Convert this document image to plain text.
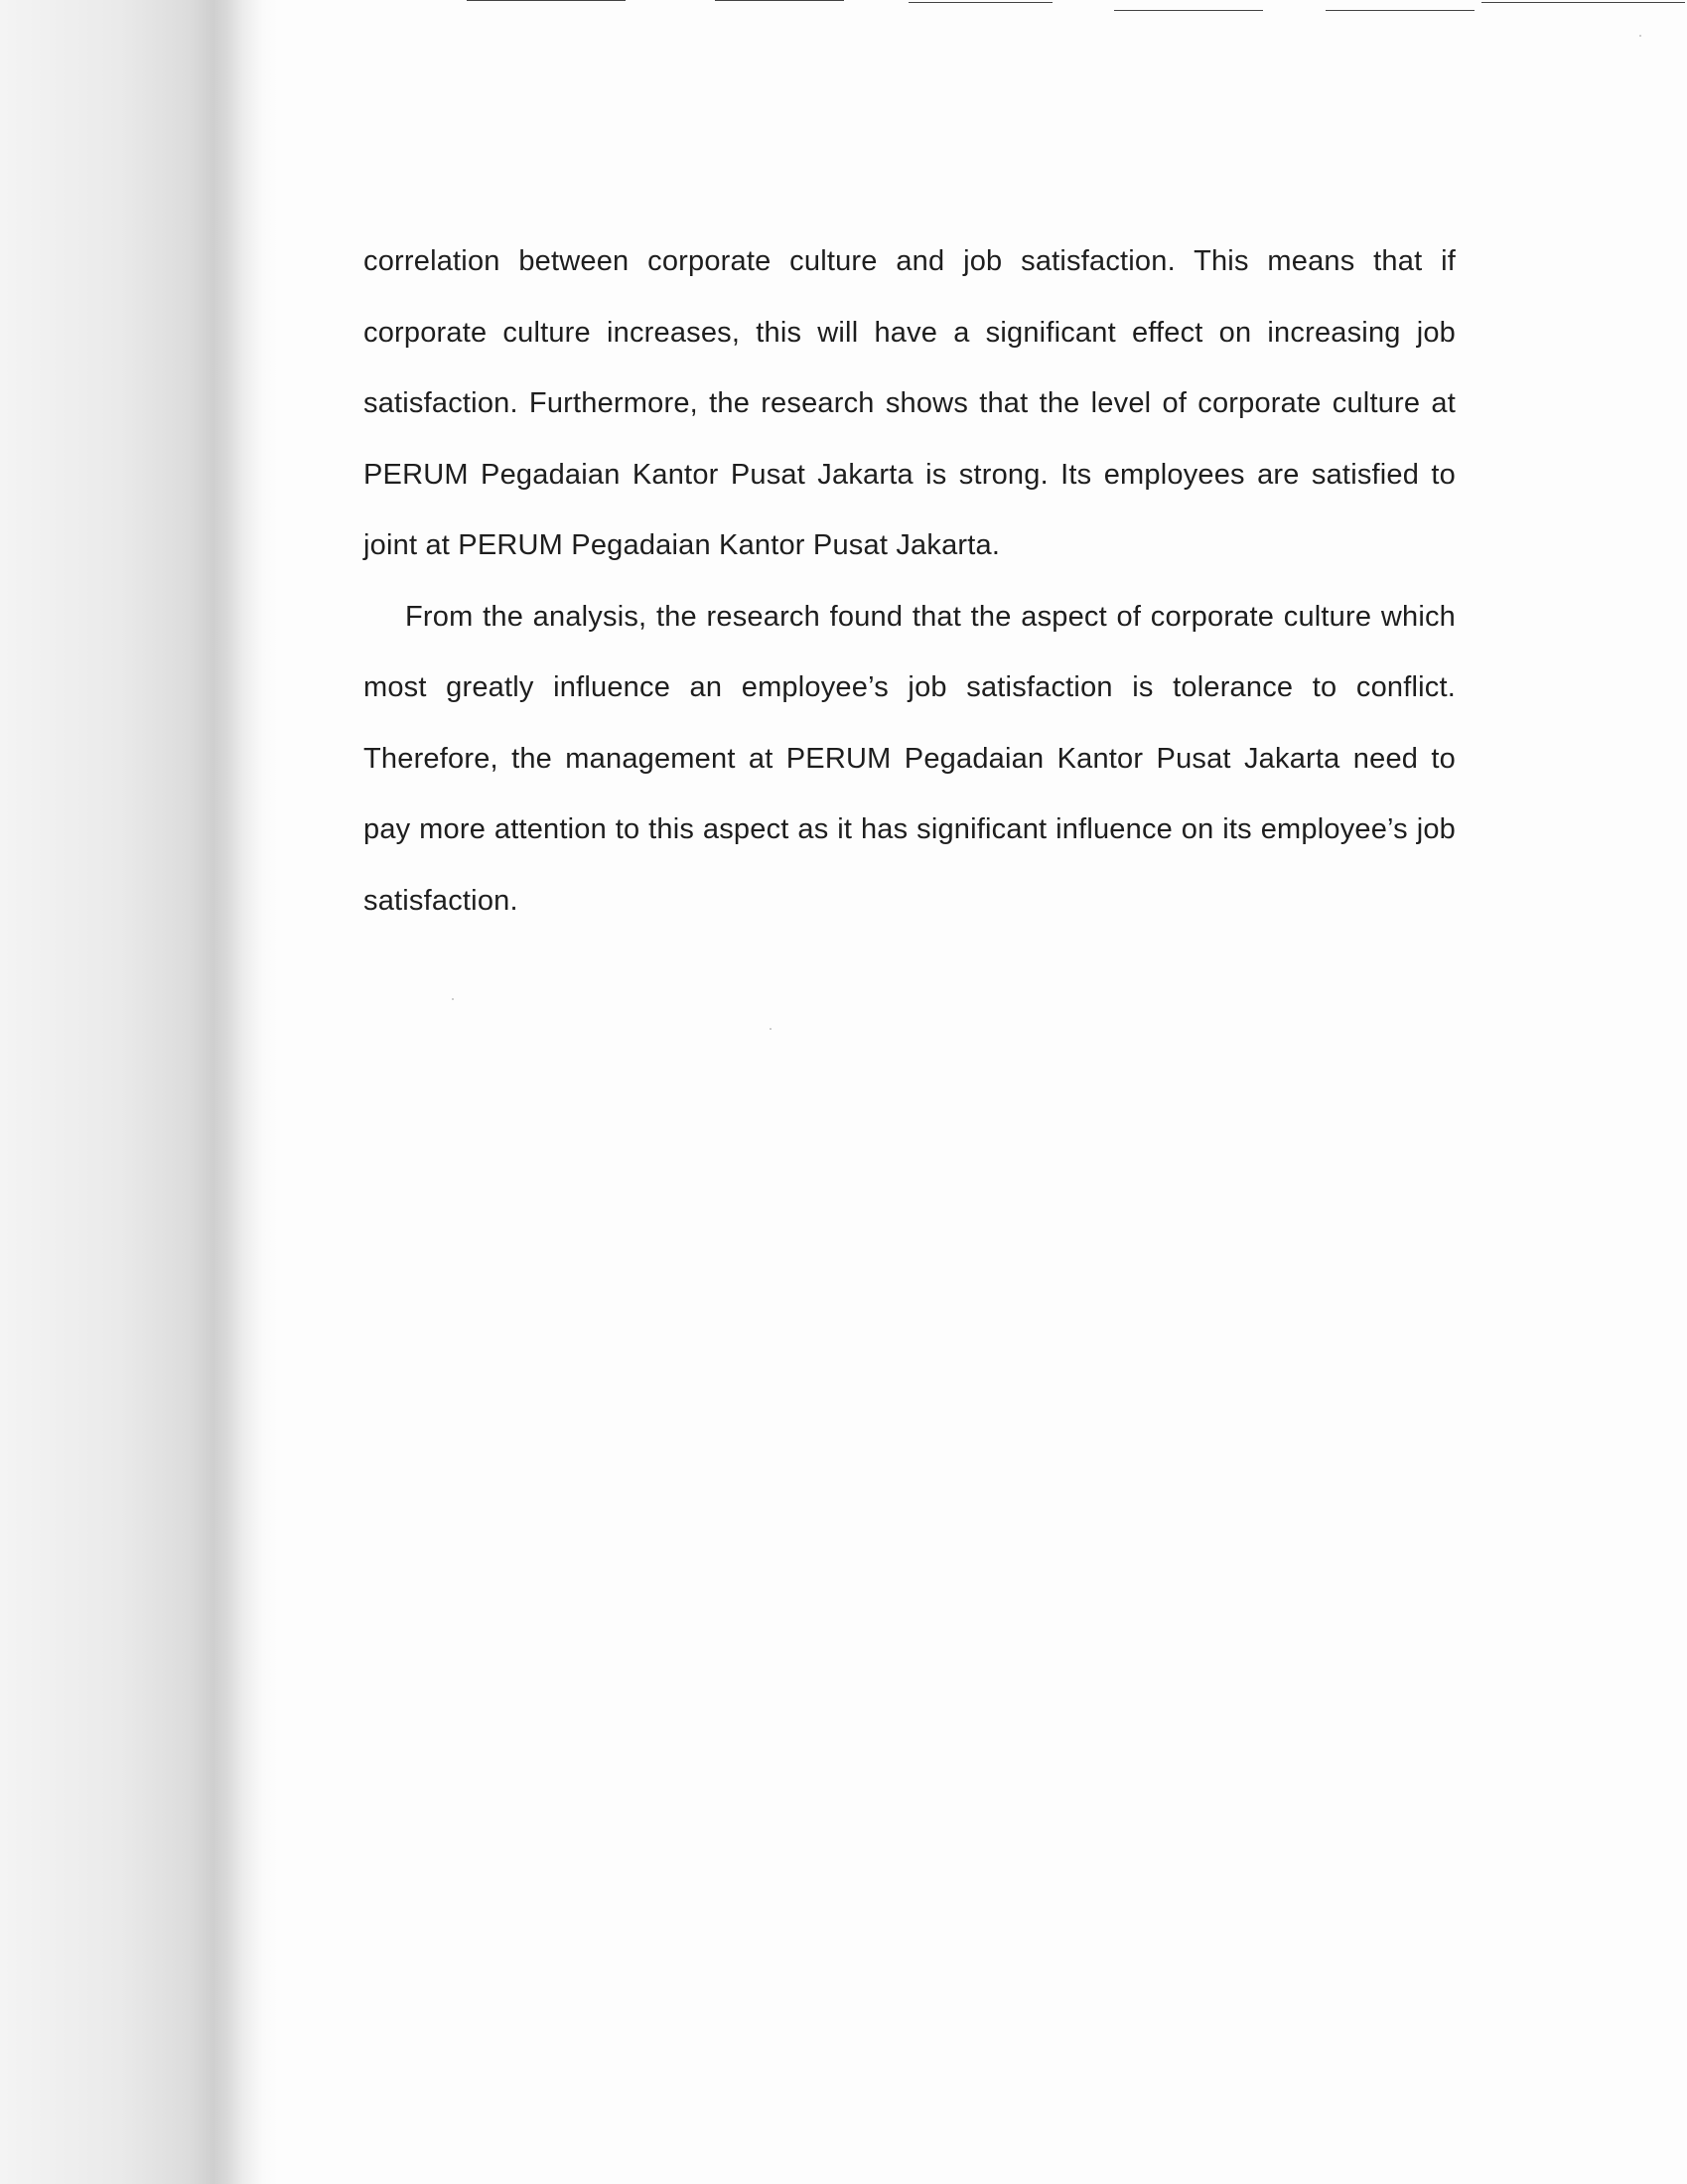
correlation between corporate culture and job satisfaction. This means that if corporate culture increases, this will have a significant effect on increasing job satisfaction. Furthermore, the research shows that the level of corporate culture at PERUM Pegadaian Kantor Pusat Jakarta is strong. Its employees are satisfied to joint at PERUM Pegadaian Kantor Pusat Jakarta.

From the analysis, the research found that the aspect of corporate culture which most greatly influence an employee’s job satisfaction is tolerance to conflict. Therefore, the management at PERUM Pegadaian Kantor Pusat Jakarta need to pay more attention to this aspect as it has significant influence on its employee’s job satisfaction.
